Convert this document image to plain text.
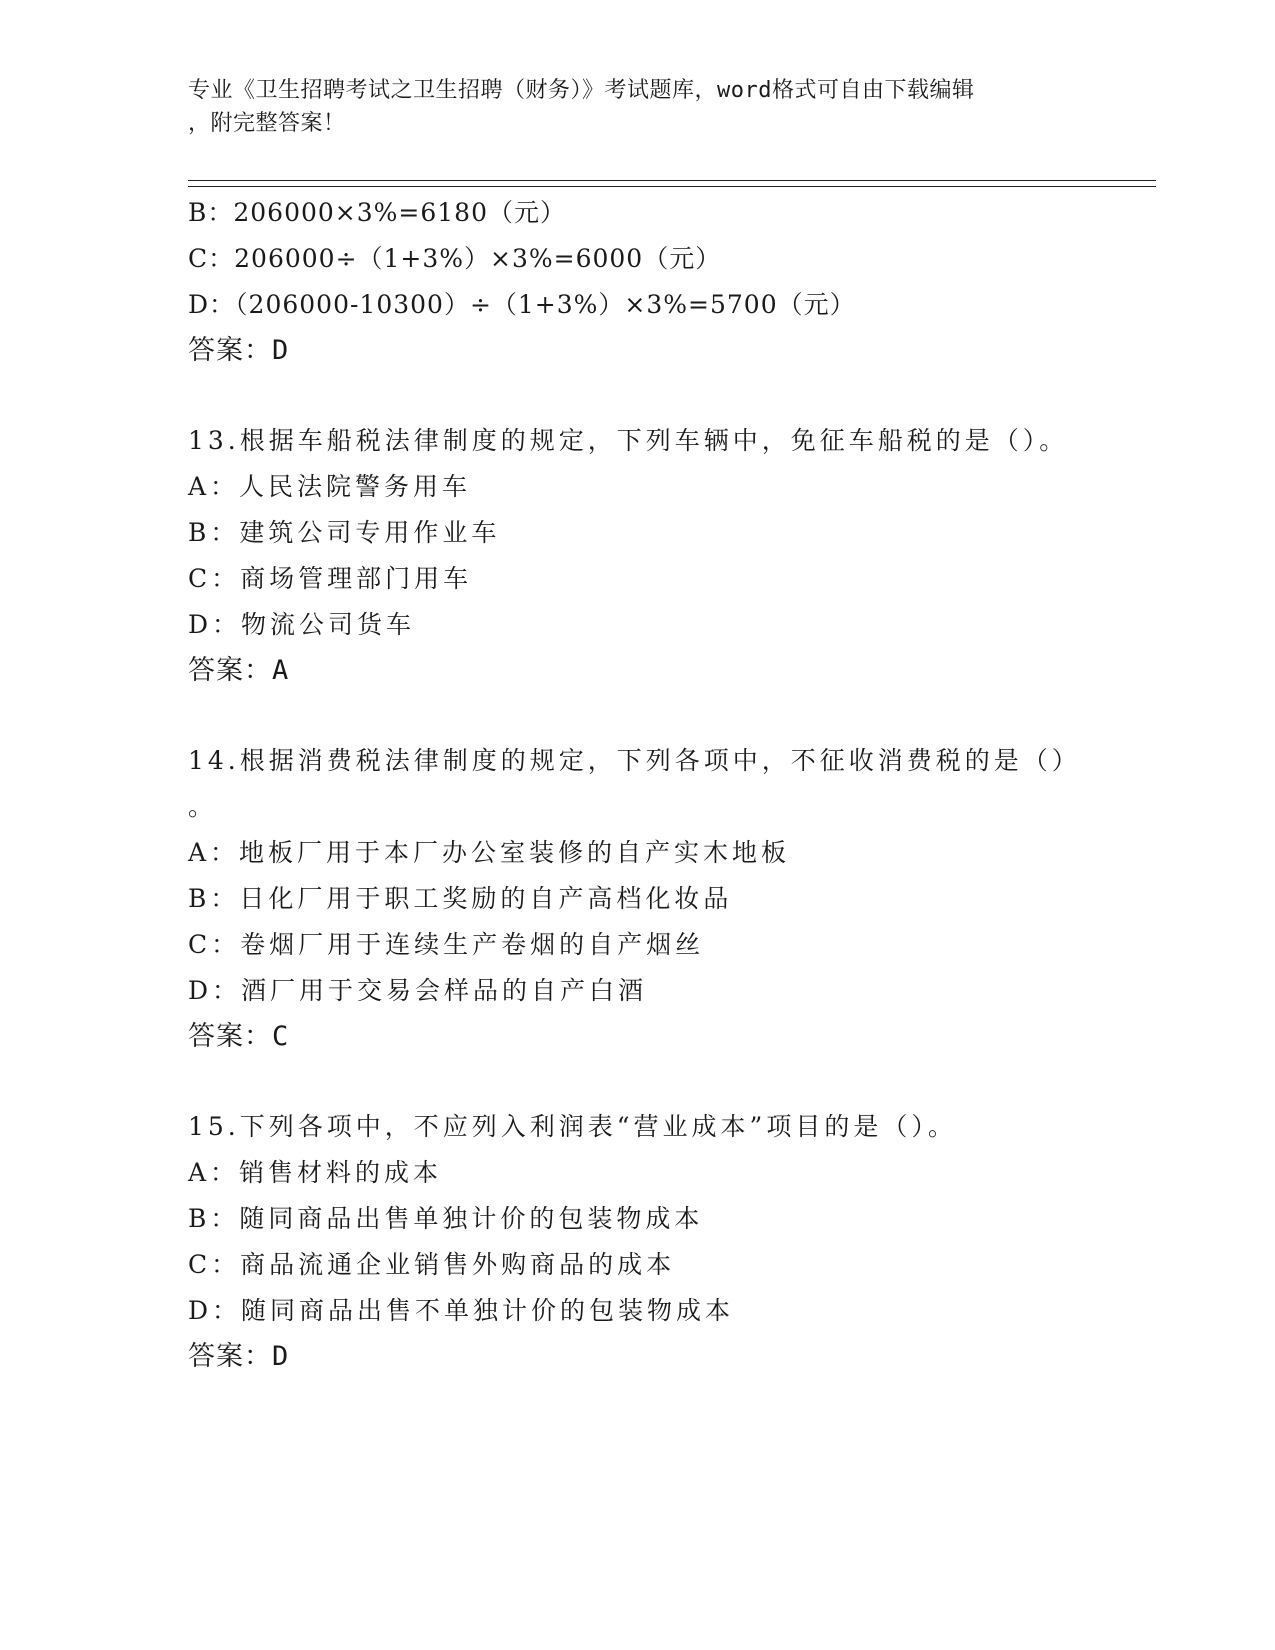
专业《卫生招聘考试之卫生招聘（财务）》考试题库，word格式可自由下载编辑
，附完整答案！
B：206000×3%=6180（元）
C：206000÷（1+3%）×3%=6000（元）
D：（206000-10300）÷（1+3%）×3%=5700（元）
答案：D
13.根据车船税法律制度的规定，下列车辆中，免征车船税的是（）。
A：人民法院警务用车
B：建筑公司专用作业车
C：商场管理部门用车
D：物流公司货车
答案：A
14.根据消费税法律制度的规定，下列各项中，不征收消费税的是（）
。
A：地板厂用于本厂办公室装修的自产实木地板
B：日化厂用于职工奖励的自产高档化妆品
C：卷烟厂用于连续生产卷烟的自产烟丝
D：酒厂用于交易会样品的自产白酒
答案：C
15.下列各项中，不应列入利润表“营业成本”项目的是（）。
A：销售材料的成本
B：随同商品出售单独计价的包装物成本
C：商品流通企业销售外购商品的成本
D：随同商品出售不单独计价的包装物成本
答案：D
